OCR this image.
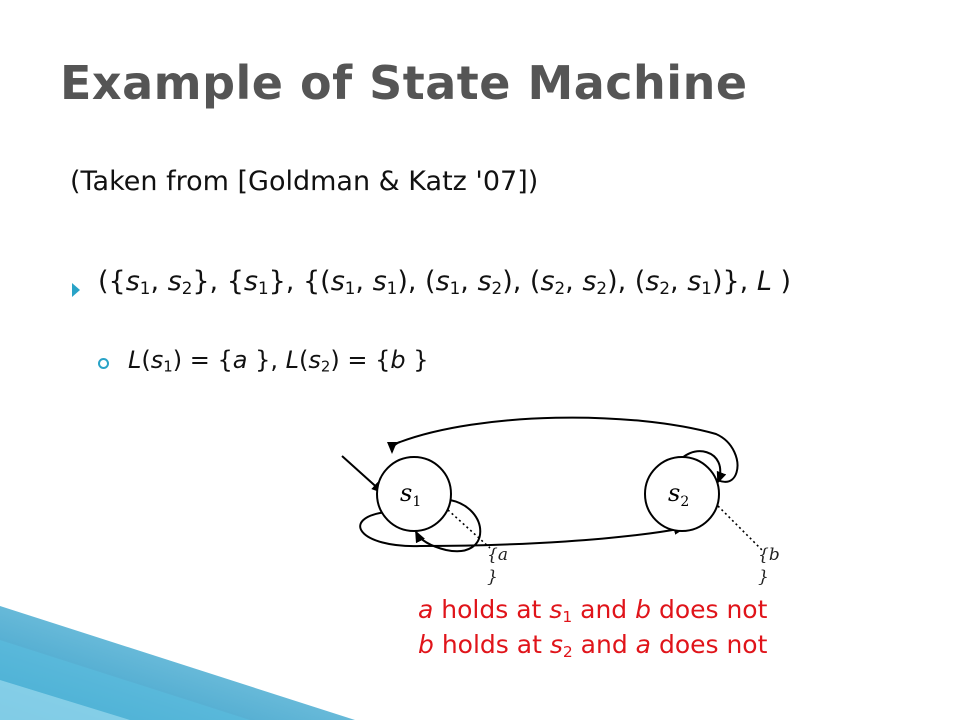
Example of State Machine
(Taken from [Goldman & Katz '07])
({$s_1$, $s_2$}, $\{s_1\}$, {($s_1$, $s_1$), ($s_1$, $s_2$), ($s_2$, $s_2$), ($s_2$, $s_1$)}, L )
$L(s_1) = \{a$ }, $L(s_2) = \{b$ }
$s_1$	$s_2$
{a
}
{b
}
a holds at $s_1$ and b does not
b holds at $s_2$ and a does not
